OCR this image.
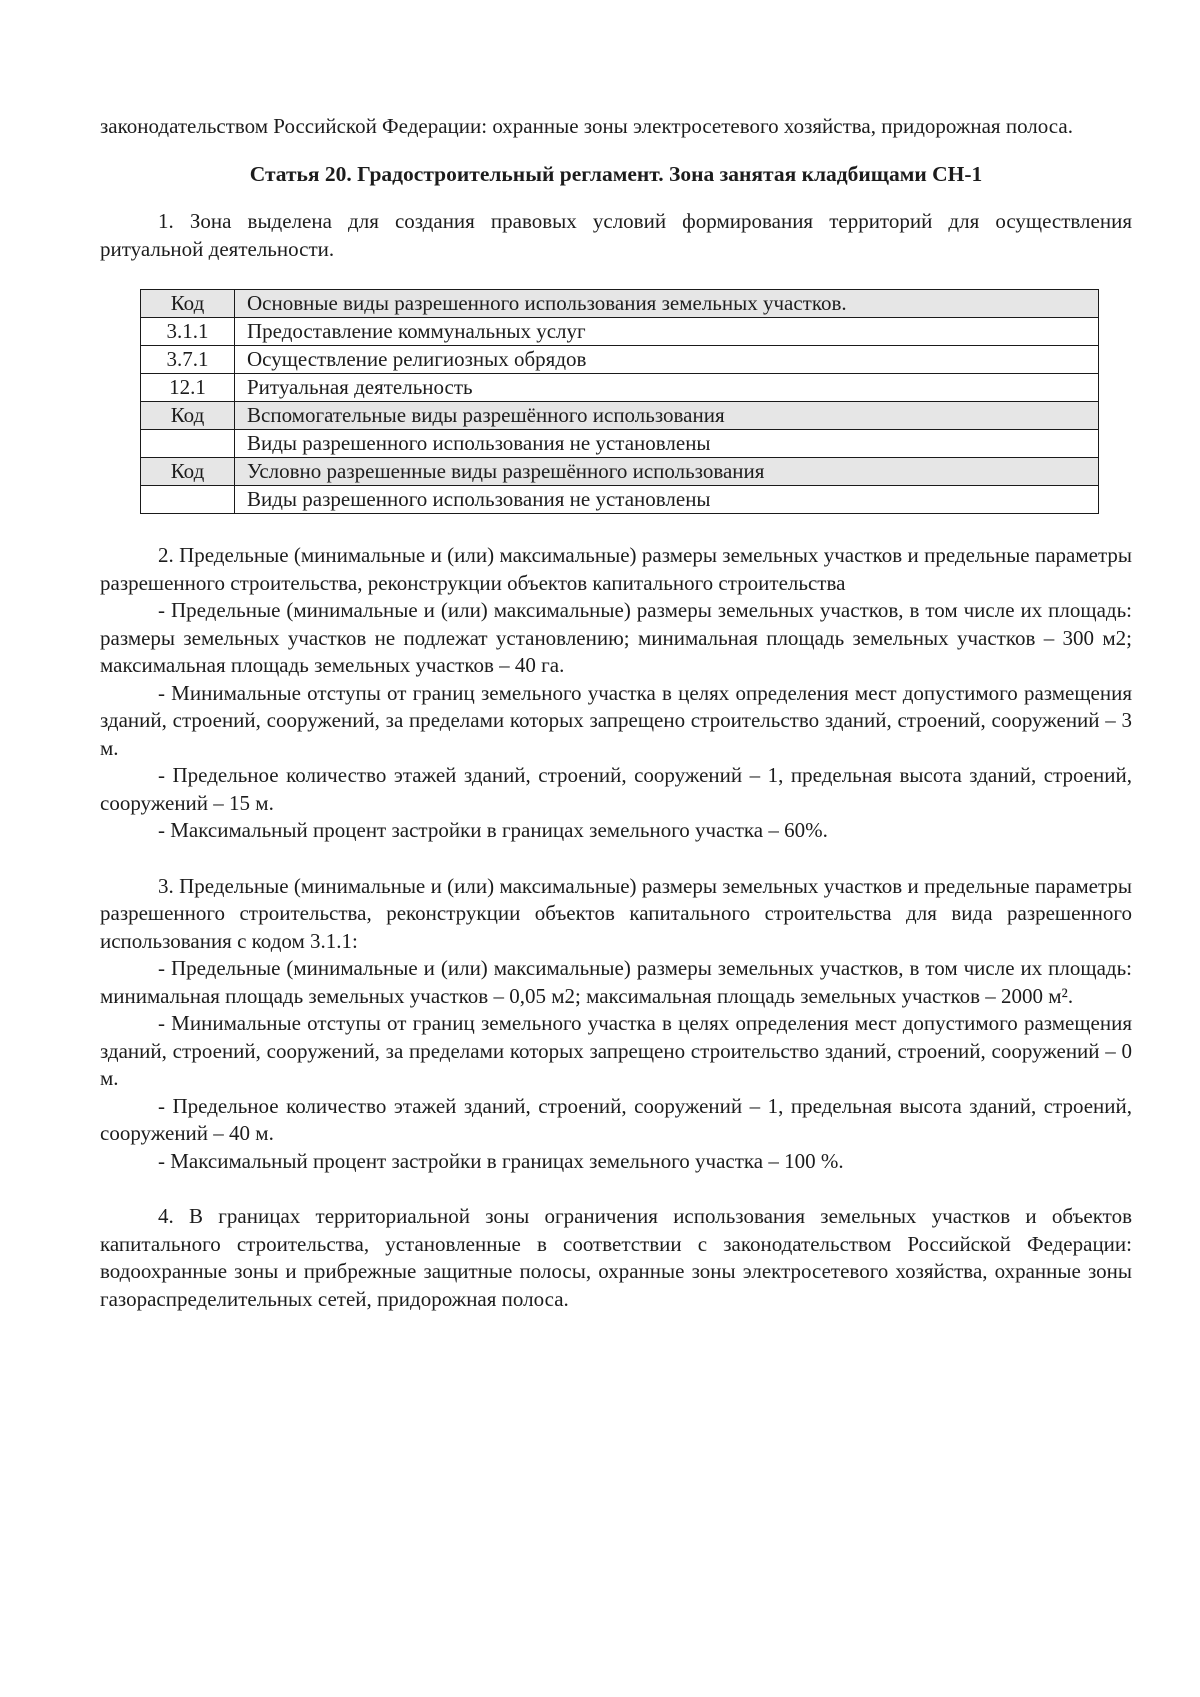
законодательством Российской Федерации: охранные зоны электросетевого хозяйства, придорожная полоса.

Статья 20. Градостроительный регламент. Зона занятая кладбищами СН-1

1. Зона выделена для создания правовых условий формирования территорий для осуществления ритуальной деятельности.

Код	Основные виды разрешенного использования земельных участков.
3.1.1	Предоставление коммунальных услуг
3.7.1	Осуществление религиозных обрядов
12.1	Ритуальная деятельность
Код	Вспомогательные виды разрешённого использования
	Виды разрешенного использования не установлены
Код	Условно разрешенные виды разрешённого использования
	Виды разрешенного использования не установлены

2. Предельные (минимальные и (или) максимальные) размеры земельных участков и предельные параметры разрешенного строительства, реконструкции объектов капитального строительства

- Предельные (минимальные и (или) максимальные) размеры земельных участков, в том числе их площадь: размеры земельных участков не подлежат установлению; минимальная площадь земельных участков – 300 м2; максимальная площадь земельных участков – 40 га.

- Минимальные отступы от границ земельного участка в целях определения мест допустимого размещения зданий, строений, сооружений, за пределами которых запрещено строительство зданий, строений, сооружений – 3 м.

- Предельное количество этажей зданий, строений, сооружений – 1, предельная высота зданий, строений, сооружений – 15 м.

- Максимальный процент застройки в границах земельного участка – 60%.

3. Предельные (минимальные и (или) максимальные) размеры земельных участков и предельные параметры разрешенного строительства, реконструкции объектов капитального строительства для вида разрешенного использования с кодом 3.1.1:

- Предельные (минимальные и (или) максимальные) размеры земельных участков, в том числе их площадь: минимальная площадь земельных участков – 0,05 м2; максимальная площадь земельных участков – 2000 м².

- Минимальные отступы от границ земельного участка в целях определения мест допустимого размещения зданий, строений, сооружений, за пределами которых запрещено строительство зданий, строений, сооружений – 0 м.

- Предельное количество этажей зданий, строений, сооружений – 1, предельная высота зданий, строений, сооружений – 40 м.

- Максимальный процент застройки в границах земельного участка – 100 %.

4. В границах территориальной зоны ограничения использования земельных участков и объектов капитального строительства, установленные в соответствии с законодательством Российской Федерации: водоохранные зоны и прибрежные защитные полосы, охранные зоны электросетевого хозяйства, охранные зоны газораспределительных сетей, придорожная полоса.
